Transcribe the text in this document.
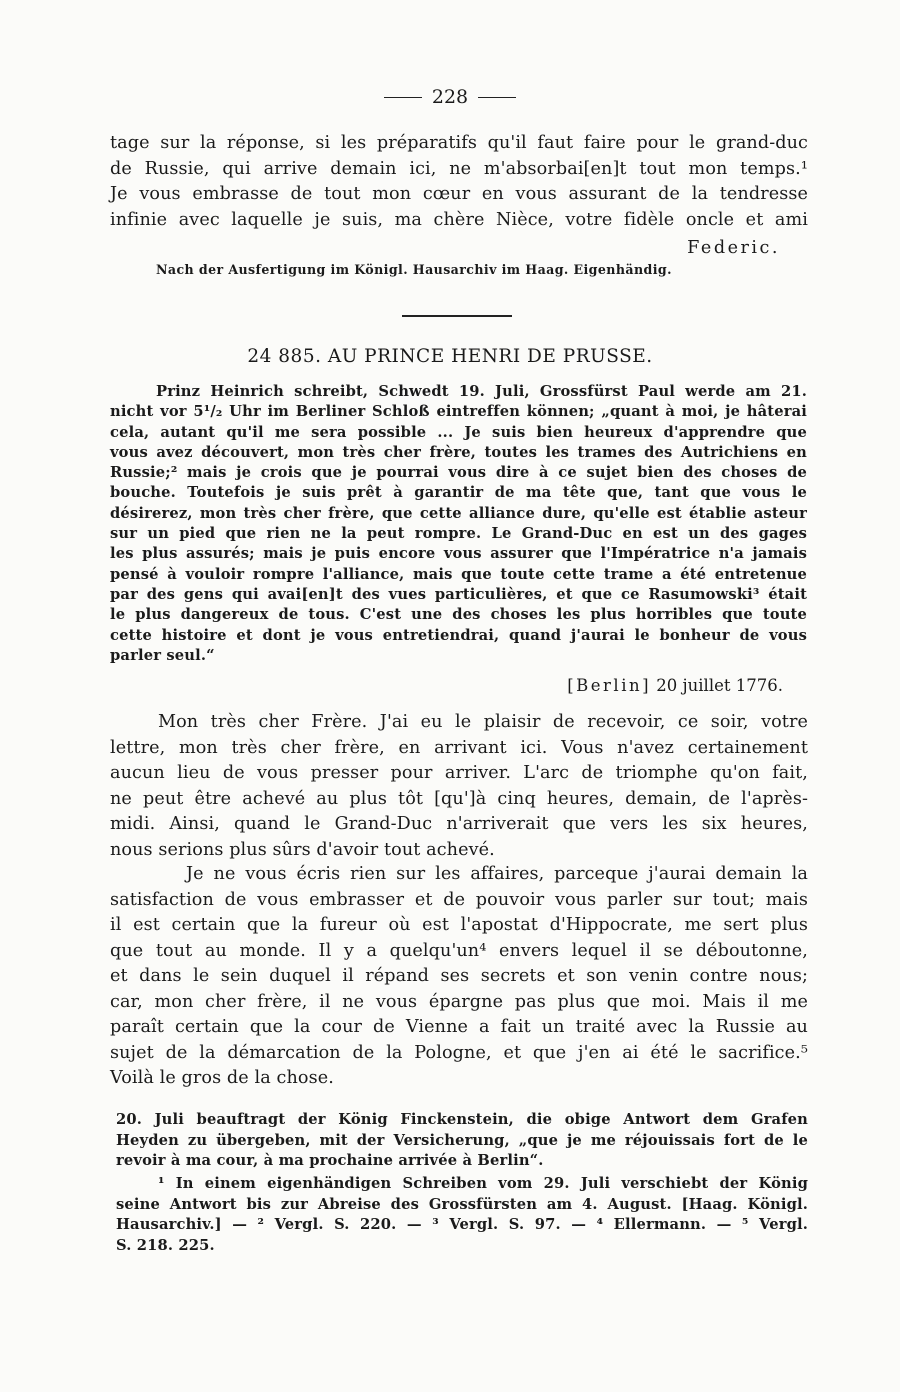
228
tage sur la réponse, si les préparatifs qu'il faut faire pour le grand-duc
de Russie, qui arrive demain ici, ne m'absorbai[en]t tout mon temps.¹
Je vous embrasse de tout mon cœur en vous assurant de la tendresse
infinie avec laquelle je suis, ma chère Nièce, votre fidèle oncle et ami
Federic.
Nach der Ausfertigung im Königl. Hausarchiv im Haag. Eigenhändig.
24 885. AU PRINCE HENRI DE PRUSSE.
Prinz Heinrich schreibt, Schwedt 19. Juli, Grossfürst Paul werde am 21.
nicht vor 5¹/₂ Uhr im Berliner Schloß eintreffen können; „quant à moi, je hâterai
cela, autant qu'il me sera possible ... Je suis bien heureux d'apprendre que
vous avez découvert, mon très cher frère, toutes les trames des Autrichiens en
Russie;² mais je crois que je pourrai vous dire à ce sujet bien des choses de
bouche. Toutefois je suis prêt à garantir de ma tête que, tant que vous le
désirerez, mon très cher frère, que cette alliance dure, qu'elle est établie asteur
sur un pied que rien ne la peut rompre. Le Grand-Duc en est un des gages
les plus assurés; mais je puis encore vous assurer que l'Impératrice n'a jamais
pensé à vouloir rompre l'alliance, mais que toute cette trame a été entretenue
par des gens qui avai[en]t des vues particulières, et que ce Rasumowski³ était
le plus dangereux de tous. C'est une des choses les plus horribles que toute
cette histoire et dont je vous entretiendrai, quand j'aurai le bonheur de vous
parler seul.“
[Berlin] 20 juillet 1776.
Mon très cher Frère. J'ai eu le plaisir de recevoir, ce soir, votre
lettre, mon très cher frère, en arrivant ici. Vous n'avez certainement
aucun lieu de vous presser pour arriver. L'arc de triomphe qu'on fait,
ne peut être achevé au plus tôt [qu']à cinq heures, demain, de l'après-
midi. Ainsi, quand le Grand-Duc n'arriverait que vers les six heures,
nous serions plus sûrs d'avoir tout achevé.
Je ne vous écris rien sur les affaires, parceque j'aurai demain la
satisfaction de vous embrasser et de pouvoir vous parler sur tout; mais
il est certain que la fureur où est l'apostat d'Hippocrate, me sert plus
que tout au monde. Il y a quelqu'un⁴ envers lequel il se déboutonne,
et dans le sein duquel il répand ses secrets et son venin contre nous;
car, mon cher frère, il ne vous épargne pas plus que moi. Mais il me
paraît certain que la cour de Vienne a fait un traité avec la Russie au
sujet de la démarcation de la Pologne, et que j'en ai été le sacrifice.⁵
Voilà le gros de la chose.
20. Juli beauftragt der König Finckenstein, die obige Antwort dem Grafen
Heyden zu übergeben, mit der Versicherung, „que je me réjouissais fort de le
revoir à ma cour, à ma prochaine arrivée à Berlin“.
¹ In einem eigenhändigen Schreiben vom 29. Juli verschiebt der König
seine Antwort bis zur Abreise des Grossfürsten am 4. August. [Haag. Königl.
Hausarchiv.] — ² Vergl. S. 220. — ³ Vergl. S. 97. — ⁴ Ellermann. — ⁵ Vergl.
S. 218. 225.
